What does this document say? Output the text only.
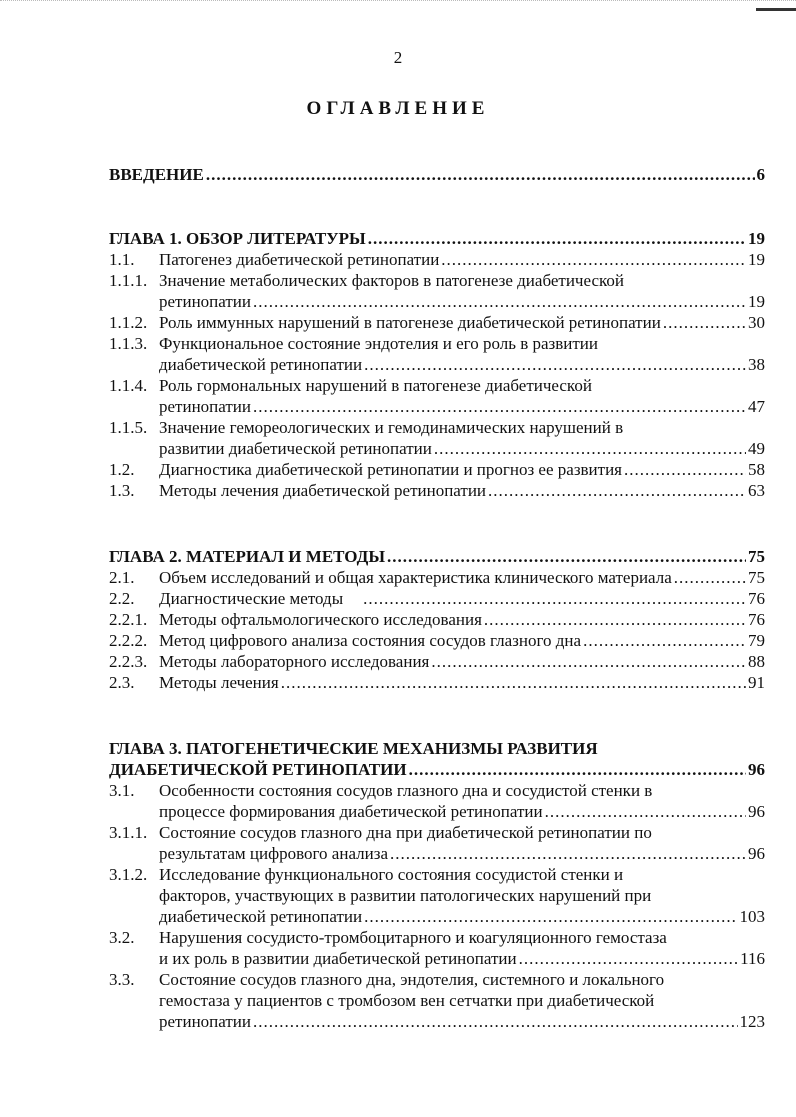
2
ОГЛАВЛЕНИЕ
ВВЕДЕНИЕ .....	6
ГЛАВА 1. ОБЗОР ЛИТЕРАТУРЫ .....	19
1.1.	Патогенез диабетической ретинопатии .....	19
1.1.1. Значение метаболических факторов в патогенезе диабетической
ретинопатии .....	19
1.1.2. Роль иммунных нарушений в патогенезе диабетической ретинопатии .....	30
1.1.3. Функциональное состояние эндотелия и его роль в развитии
диабетической ретинопатии .....	38
1.1.4. Роль гормональных нарушений в патогенезе диабетической
ретинопатии .....	47
1.1.5. Значение гемореологических и гемодинамических нарушений в
развитии диабетической ретинопатии .....	49
1.2.	Диагностика диабетической ретинопатии и прогноз ее развития .....	58
1.3.	Методы лечения диабетической ретинопатии .....	63
ГЛАВА 2. МАТЕРИАЛ И МЕТОДЫ .....	75
2.1.	Объем исследований и общая характеристика клинического материала .....	75
2.2.	Диагностические методы .....	76
2.2.1. Методы офтальмологического исследования .....	76
2.2.2. Метод цифрового анализа состояния сосудов глазного дна .....	79
2.2.3. Методы лабораторного исследования .....	88
2.3.	Методы лечения .....	91
ГЛАВА 3. ПАТОГЕНЕТИЧЕСКИЕ МЕХАНИЗМЫ РАЗВИТИЯ
ДИАБЕТИЧЕСКОЙ РЕТИНОПАТИИ .....	96
3.1.	Особенности состояния сосудов глазного дна и сосудистой стенки в
процессе формирования диабетической ретинопатии .....	96
3.1.1. Состояние сосудов глазного дна при диабетической ретинопатии по
результатам цифрового анализа .....	96
3.1.2. Исследование функционального состояния сосудистой стенки и
факторов, участвующих в развитии патологических нарушений при
диабетической ретинопатии .....	103
3.2.	Нарушения сосудисто-тромбоцитарного и коагуляционного гемостаза
и их роль в развитии диабетической ретинопатии .....	116
3.3.	Состояние сосудов глазного дна, эндотелия, системного и локального
гемостаза у пациентов с тромбозом вен сетчатки при диабетической
ретинопатии .....	123
